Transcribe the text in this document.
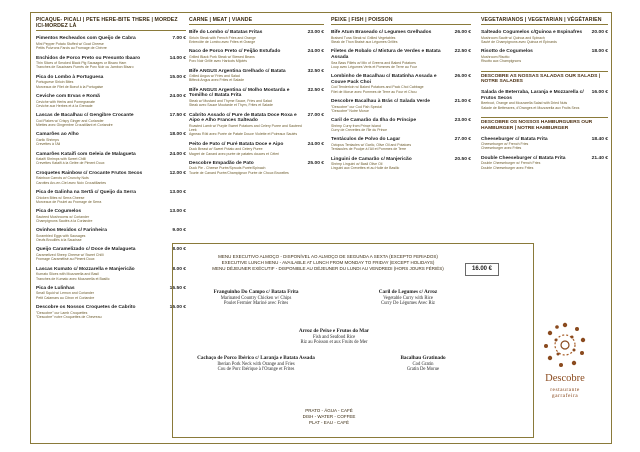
PICAQUE- PICALI | PETE HERE-BITE THERE | MORDEZ ICI-MORDEZ LÀ
Pimentos Recheados com Queijo de Cabra	7.00 €
Mini Pepper Potato Stuffed w/ Goat Cheese
Petits Poivrons Farcis au Fromage de Chèvre
Enchidos de Porco Preto ou Presunto Ibaaro	14.00 €
Thin Slices of Smoked Black Pig Sausages or Bisaro Ham
Tranches de Saucisses Fumés de Porc Noir ou Jambon Bisaro
Pica do Lombo à Portuguesa	15.00 €
Portuguese Sirloin Bites
Morceaux de Filet de Boeuf à la Portugaise
Ceviche com Ervas e Romã	24.00 €
Ceviche with Herbs and Pomegranate
Ceviche aux Herbes et à la Grenade
Lascas de Bacalhau c/ Gengibre Crocante	17.50 €
Cod Flakes w/ Crispy Ginger and Coriander
Miettes avec Gingembre Croustillant et Coriandre
Camarões ao Alho	18.00 €
Garlic Shrimps
Crevettes à l'Ail
Camarões Kataifi com Geleia de Malagueta	24.00 €
Kataifi Shrimps with Sweet Chilli
Crevettes Kataifi à la Gelée de Piment Doux
Croquetes Rainbow c/ Crocante Frutos Secos	12.00 €
Rainbow Carrots w/ Crunchy Nuts
Carottes Arc-en-Ciel avec Noix Croustillantes
Pica de Galinha na Sertã c/ Queijo da Serra	13.00 €
Chicken Bites w/ Serra Cheese
Morceaux de Poulet au Fromage de Serra
Pica de Cogumelos	13.00 €
Sauteed Mushrooms w/ Coriander
Champignons Sautés à la Coriandre
Ovinhos Mexidos c/ Farinheira	9.00 €
Scrambled Eggs with Sausages
Oeufs Brouillés à la Saucisse
Queijo Caramelizado c/ Doce de Malagueta	8.00 €
Caramelized Sheep Cheese w/ Sweet Chilli
Fromage Caramélisé au Piment Doux
Lascas Kumato c/ Mozzarella e Manjericão	8.00 €
Kumato Slices with Mozzarella and Basil
Tranches de Kumato avec Mozzarella et Basilic
Pica de Lulinhas	16.50 €
Small Squid w/ Lemon and Coriander
Petit Calamars au Citron et Coriandre
Descobre os Nossos Croquetes de Cabrito	15.00 €
"Descobre" our Lamb Croquettes
"Descobre" notre Croquettes de Chevreau
CARNE | MEAT | VIANDE
Bife do Lombo c/ Batatas Fritas	23.00 €
Sirloin Steak with French Fries and Orange
Entrecôte de Lombo avec Frites et Orange
Naco de Porco Preto c/ Feijão Estufado	24.00 €
Grilled Black Pork Steak w/ Stewed Beans
Porc Noir Grillé avec Haricots Mijotés
Bife ANGUS Argentina Grelhado c/ Batata	32.50 €
Grilled Angus w/ Fries and Salad
Bifteck Angus avec Frites et Salade
Bife ANGUS Argentina c/ Molho Mostarda e Tomilho c/ Batata Frita
32.50 €
Steak w/ Mustard and Thyme Sauce, Fries and Salad
Steak avec Sauce Moutarde et Thym, Frites et Salade
Cabrito Assado c/ Pure de Batata Doce Roxa e Aipo e Alho Frances Salteado
27.00 €
Roasted Lamb w/ Purple Sweet Potatoes and Celery Puree and Sauteed Leek
Agneau Rôti avec Purée de Patate Douce Violette et Poireaux Sautés
Peito de Pato c/ Puré Batata Doce e Aipo	24.00 €
Duck Breast w/ Sweet Potato and Celery Puree
Magret de Canard avec purée de patates douces et Céleri
Descobre Empadão de Pato	25.00 €
Duck Pie - Cheese Purée/Sprouts Purée/Spinach
Tourte de Canard Purée/Champignon Purée de Choux Bruxelles
PEIXE | FISH | POISSON
Bife Atum Braseado c/ Legumes Grelhados	26.00 €
Braised Tuna Steak w/ Grilled Vegetables
Steak de Thon Braisé aux Légumes Grillés
Filetes de Robalo c/ Mistura de Verdes e Batata Assada
22.50 €
Sea Bass Fillets w/ Mix of Greens and Baked Potatoes
Loup avec Légumes Verts et Pommes de Terre au Four
Lombinho de Bacalhau c/ Batatinha Assada e Couve Pack Choi
26.00 €
Cod Tenderloin w/ Baked Potatoes and Pack Choi Cabbage
Filet de Morue avec Pommes de Terre au Four et Chou
Descobre Bacalhau à Brás c/ Salada Verde	21.00 €
"Descobre" our Cod Fish Special
"Descobre" Notre Morue
Caril de Camarão da Ilha do Príncipe	23.00 €
Shrimp Curry from Prince Island
Curry de Crevettes de l'Île du Prince
Tentáculos de Polvo do Lagar	27.00 €
Octopus Tentacles w/ Garlic, Olive Oil and Potatoes
Tentacules de Poulpe à l'Ail et Pommes de Terre
Linguini de Camarão c/ Manjericão	20.50 €
Shrimp Linguini w/ Basil Olive Oil
Linguini aux Crevettes et au Huile de Basilic
VEGETARIANOS | VEGETARIAN | VÉGÉTARIEN
Salteado Cogumelos c/Quinoa e Espinafres	20.00 €
Mushroom Sauté w/ Quinoa and Spinach
Sauté de Champignons avec Quinoa et Épinards
Risotto de Cogumelos	18.00 €
Mushroom Risotto
Risotto aux Champignons
DESCOBRE AS NOSSAS SALADAS OUR SALADS | NOTRE SALADES
Salada de Beterraba, Laranja e Mozzarella c/ Frutos Secos
16.00 €
Beetroot, Orange and Mozzarella Salad with Dried Nuts
Salade de Betteraves, d'Oranges et Mozzarella aux Fruits Secs
DESCOBRE OS NOSSOS HAMBURGUERS OUR HAMBURGER | NOTRE HAMBURGER
Cheeseburger c/ Batata Frita	18.40 €
Cheeseburger w/ French Fries
Cheeseburger avec Frites
Double Cheeseburger c/ Batata Frita	21.40 €
Double Cheeseburger w/ French Fries
Double Cheeseburger avec Frites
MENU EXECUTIVO ALMOÇO - DISPONÍVEL AO ALMOÇO DE SEGUNDA A SEXTA (EXCEPTO FERIADOS)
EXECUTIVE LUNCH MENU - AVAILABLE AT LUNCH FROM MONDAY TO FRIDAY (EXCEPT HOLIDAYS)
MENU DÉJEUNER EXÉCUTIF - DISPONIBLE AU DÉJEUNER DU LUNDI AU VENDREDI (HORS JOURS FÉRIÉS)	16.00 €
Franguinho Do Campo c/ Batata Frita
Marinated Country Chicken w/ Chips
Poulet Fermier Mariné avec Frites
Caril de Legumes c/ Arroz
Vegetable Curry with Rice
Curry De Légumes Avec Riz
Arroz de Peixe e Frutos do Mar
Fish and Seafood Rice
Riz au Poisson et aux Fruits de Mer
Cachaço de Porco Ibérico c/ Laranja e Batata Assada
Iberian Pork Neck with Orange and Fries
Cou de Porc Ibérique à l'Orange et Frites
Bacalhau Gratinado
Cod Gratin
Gratin De Morue
PRATO - ÁGUA - CAFÉ
DISH - WATER - COFFEE
PLAT - EAU - CAFÉ
Descobre
restaurante
garrafeira
